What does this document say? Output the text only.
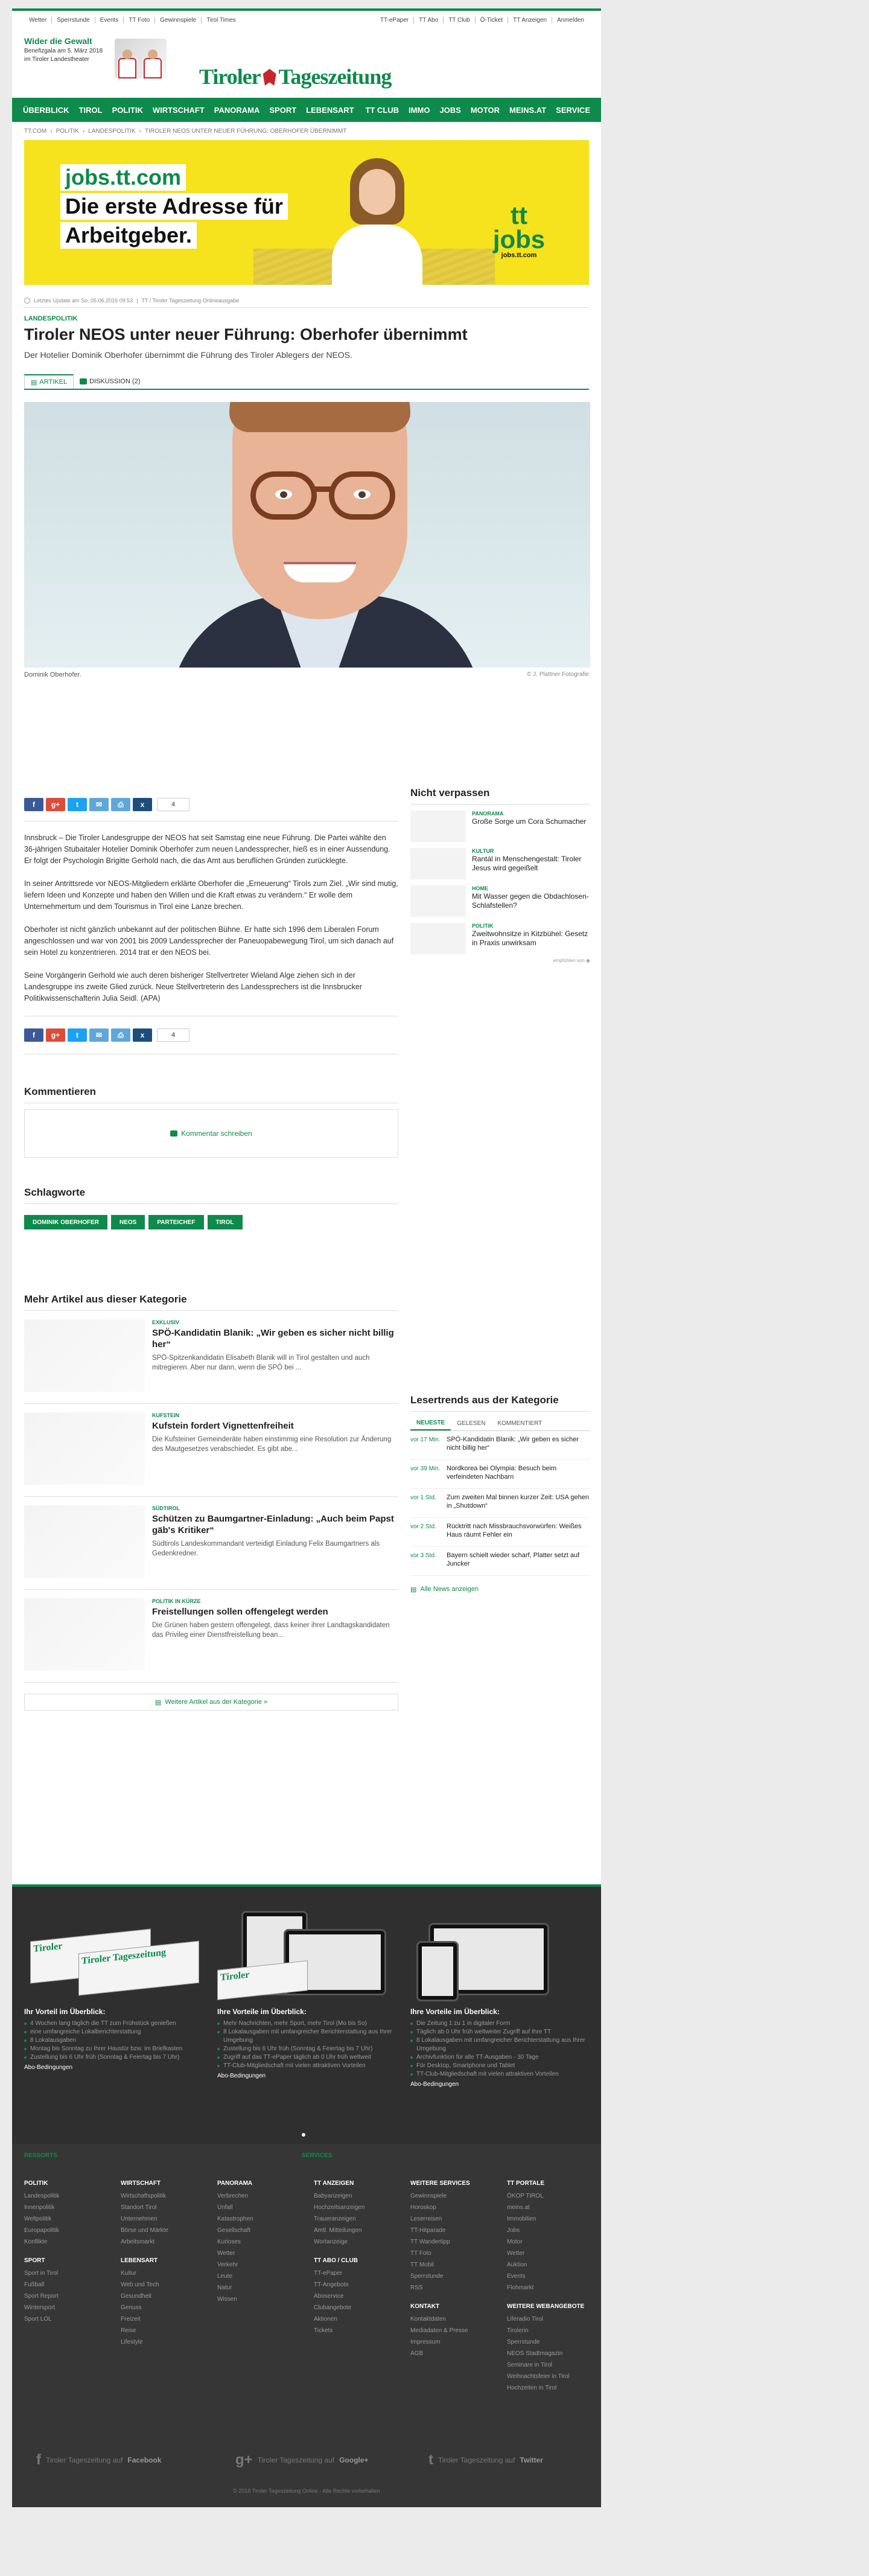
Wetter	Sperrstunde	Events	TT Foto	Gewinnspiele	Tirol Times	TT-ePaper	TT Abo	TT Club	Ö-Ticket	TT Anzeigen	Anmelden
Wider die Gewalt
Benefizgala am 5. März 2018 im Tiroler Landestheater
Tiroler Tageszeitung
ÜBERBLICK	TIROL	POLITIK	WIRTSCHAFT	PANORAMA	SPORT	LEBENSART	TT CLUB	IMMO	JOBS	MOTOR	MEINS.AT	SERVICE
TT.COM › POLITIK › LANDESPOLITIK › TIROLER NEOS UNTER NEUER FÜHRUNG: OBERHOFER ÜBERNIMMT
jobs.tt.com
Die erste Adresse für
Arbeitgeber.
tt jobs
jobs.tt.com
Letztes Update am So, 05.06.2016 09:53 | TT / Tiroler Tageszeitung Onlineausgabe
LANDESPOLITIK
Tiroler NEOS unter neuer Führung: Oberhofer übernimmt
Der Hotelier Dominik Oberhofer übernimmt die Führung des Tiroler Ablegers der NEOS.
▤ ARTIKEL	DISKUSSION (2)
Dominik Oberhofer.	© J. Plattner Fotografie
f	g+	t	✉	⎙	x	4

Innsbruck – Die Tiroler Landesgruppe der NEOS hat seit Samstag eine neue Führung. Die Partei wählte den 36-jährigen Stubaitaler Hotelier Dominik Oberhofer zum neuen Landessprecher, hieß es in einer Aussendung. Er folgt der Psychologin Brigitte Gerhold nach, die das Amt aus beruflichen Gründen zurücklegte.

In seiner Antrittsrede vor NEOS-Mitgliedern erklärte Oberhofer die „Erneuerung“ Tirols zum Ziel. „Wir sind mutig, liefern Ideen und Konzepte und haben den Willen und die Kraft etwas zu verändern.“ Er wolle dem Unternehmertum und dem Tourismus in Tirol eine Lanze brechen.

Oberhofer ist nicht gänzlich unbekannt auf der politischen Bühne. Er hatte sich 1996 dem Liberalen Forum angeschlossen und war von 2001 bis 2009 Landessprecher der Paneuopabewegung Tirol, um sich danach auf sein Hotel zu konzentrieren. 2014 trat er den NEOS bei.

Seine Vorgängerin Gerhold wie auch deren bisheriger Stellvertreter Wieland Alge ziehen sich in der Landesgruppe ins zweite Glied zurück. Neue Stellvertreterin des Landessprechers ist die Innsbrucker Politikwissenschafterin Julia Seidl. (APA)

f	g+	t	✉	⎙	x	4
Kommentieren
Kommentar schreiben
Schlagworte
DOMINIK OBERHOFER	NEOS	PARTEICHEF	TIROL
Mehr Artikel aus dieser Kategorie
EXKLUSIV
SPÖ-Kandidatin Blanik: „Wir geben es sicher nicht billig her“
SPÖ-Spitzenkandidatin Elisabeth Blanik will in Tirol gestalten und auch mitregieren. Aber nur dann, wenn die SPÖ bei ...
KUFSTEIN
Kufstein fordert Vignettenfreiheit
Die Kufsteiner Gemeinderäte haben einstimmig eine Resolution zur Änderung des Mautgesetzes verabschiedet. Es gibt abe...
SÜDTIROL
Schützen zu Baumgartner-Einladung: „Auch beim Papst gäb's Kritiker“
Südtirols Landeskommandant verteidigt Einladung Felix Baumgartners als Gedenkredner.
POLITIK IN KÜRZE
Freistellungen sollen offengelegt werden
Die Grünen haben gestern offengelegt, dass keiner ihrer Landtagskandidaten das Privileg einer Dienstfreistellung bean...
▤ Weitere Artikel aus der Kategorie »
Nicht verpassen
PANORAMA
Große Sorge um Cora Schumacher
KULTUR
Rantál in Menschengestalt: Tiroler Jesus wird gegeißelt
HOME
Mit Wasser gegen die Obdachlosen-Schlafstellen?
POLITIK
Zweitwohnsitze in Kitzbühel: Gesetz in Praxis unwirksam
empfohlen von ◉
Lesertrends aus der Kategorie
NEUESTE	GELESEN	KOMMENTIERT
vor 17 Min. SPÖ-Kandidatin Blanik: „Wir geben es sicher nicht billig her“
vor 39 Min. Nordkorea bei Olympia: Besuch beim verfeindeten Nachbarn
vor 1 Std.	Zum zweiten Mal binnen kurzer Zeit: USA gehen in „Shutdown“
vor 2 Std.	Rücktritt nach Missbrauchsvorwürfen: Weißes Haus räumt Fehler ein
vor 3 Std.	Bayern schielt wieder scharf, Platter setzt auf Juncker
▤ Alle News anzeigen
Tiroler	Tiroler Tageszeitung
Ihr Vorteil im Überblick:
4 Wochen lang täglich die TT zum Frühstück genießen
eine umfangreiche Lokalberichterstattung
8 Lokalausgaben
Montag bis Sonntag zu Ihrer Haustür bzw. im Briefkasten
Zustellung bis 6 Uhr früh (Sonntag & Feiertag bis 7 Uhr)
Abo-Bedingungen
Tiroler
Ihre Vorteile im Überblick:
Mehr Nachrichten, mehr Sport, mehr Tirol (Mo bis So)
8 Lokalausgaben mit umfangreicher Berichterstattung aus Ihrer Umgebung
Zustellung bis 6 Uhr früh (Sonntag & Feiertag bis 7 Uhr)
Zugriff auf das TT-ePaper täglich ab 0 Uhr früh weltweit
TT-Club-Mitgliedschaft mit vielen attraktiven Vorteilen
Abo-Bedingungen
Ihre Vorteile im Überblick:
Die Zeitung 1 zu 1 in digitaler Form
Täglich ab 0 Uhr früh weltweiter Zugriff auf Ihre TT
8 Lokalausgaben mit umfangreicher Berichterstattung aus Ihrer Umgebung
Archivfunktion für alle TT-Ausgaben - 30 Tage
Für Desktop, Smartphone und Tablet
TT-Club-Mitgliedschaft mit vielen attraktiven Vorteilen
Abo-Bedingungen
RESSORTS	SERVICES
POLITIK
Landespolitik
Innenpolitik
Weltpolitik
Europapolitik
Konflikte
SPORT
Sport in Tirol
Fußball
Sport Report
Wintersport
Sport LOL
WIRTSCHAFT
Wirtschaftspolitik
Standort Tirol
Unternehmen
Börse und Märkte
Arbeitsmarkt
LEBENSART
Kultur
Web und Tech
Gesundheit
Genuss
Freizeit
Reise
Lifestyle
PANORAMA
Verbrechen
Unfall
Katastrophen
Gesellschaft
Kurioses
Wetter
Verkehr
Leute
Natur
Wissen
TT ANZEIGEN
Babyanzeigen
Hochzeitsanzeigen
Traueranzeigen
Amtl. Mitteilungen
Wortanzeige
TT ABO / CLUB
TT-ePaper
TT-Angebote
Aboservice
Clubangebote
Aktionen
Tickets
WEITERE SERVICES
Gewinnspiele
Horoskop
Leserreisen
TT-Hitparade
TT Wandertipp
TT Foto
TT Mobil
Sperrstunde
RSS
KONTAKT
Kontaktdaten
Mediadaten & Presse
Impressum
AGB
TT PORTALE
ÖKOP TIROL
meins.at
Immobilien
Jobs
Motor
Wetter
Auktion
Events
Flohmarkt
WEITERE WEBANGEBOTE
Liferadio Tirol
Tirolerin
Sperrstunde
NEOS Stadtmagazin
Seminare in Tirol
Weihnachtsfeier in Tirol
Hochzeiten in Tirol
f Tiroler Tageszeitung auf Facebook	g+ Tiroler Tageszeitung auf Google+	t Tiroler Tageszeitung auf Twitter
© 2018 Tiroler Tageszeitung Online - Alle Rechte vorbehalten
